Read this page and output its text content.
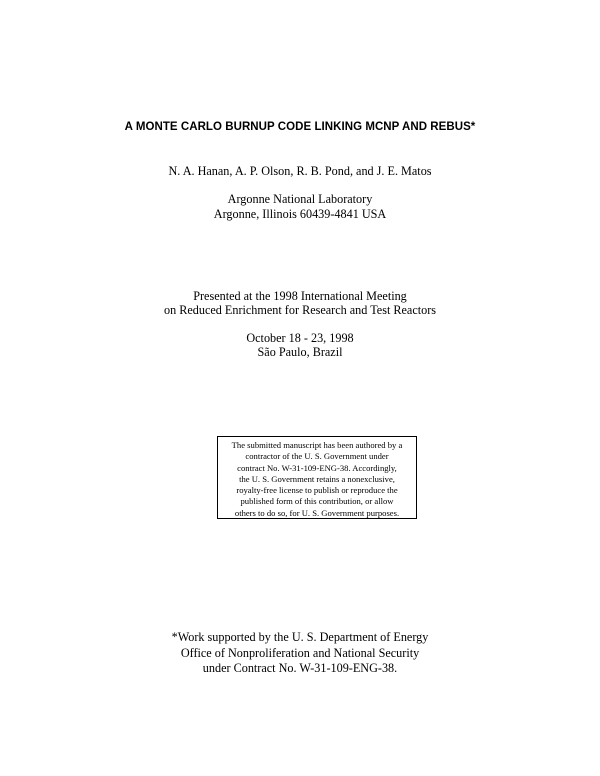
A MONTE CARLO BURNUP CODE LINKING MCNP AND REBUS*
N. A. Hanan, A. P. Olson, R. B. Pond, and J. E. Matos
Argonne National Laboratory
Argonne, Illinois 60439-4841 USA
Presented at the 1998 International Meeting
on Reduced Enrichment for Research and Test Reactors
October 18 - 23, 1998
São Paulo, Brazil
The submitted manuscript has been authored by a
contractor of the U. S. Government under
contract No. W-31-109-ENG-38. Accordingly,
the U. S. Government retains a nonexclusive,
royalty-free license to publish or reproduce the
published form of this contribution, or allow
others to do so, for U. S. Government purposes.
*Work supported by the U. S. Department of Energy
Office of Nonproliferation and National Security
under Contract No. W-31-109-ENG-38.
